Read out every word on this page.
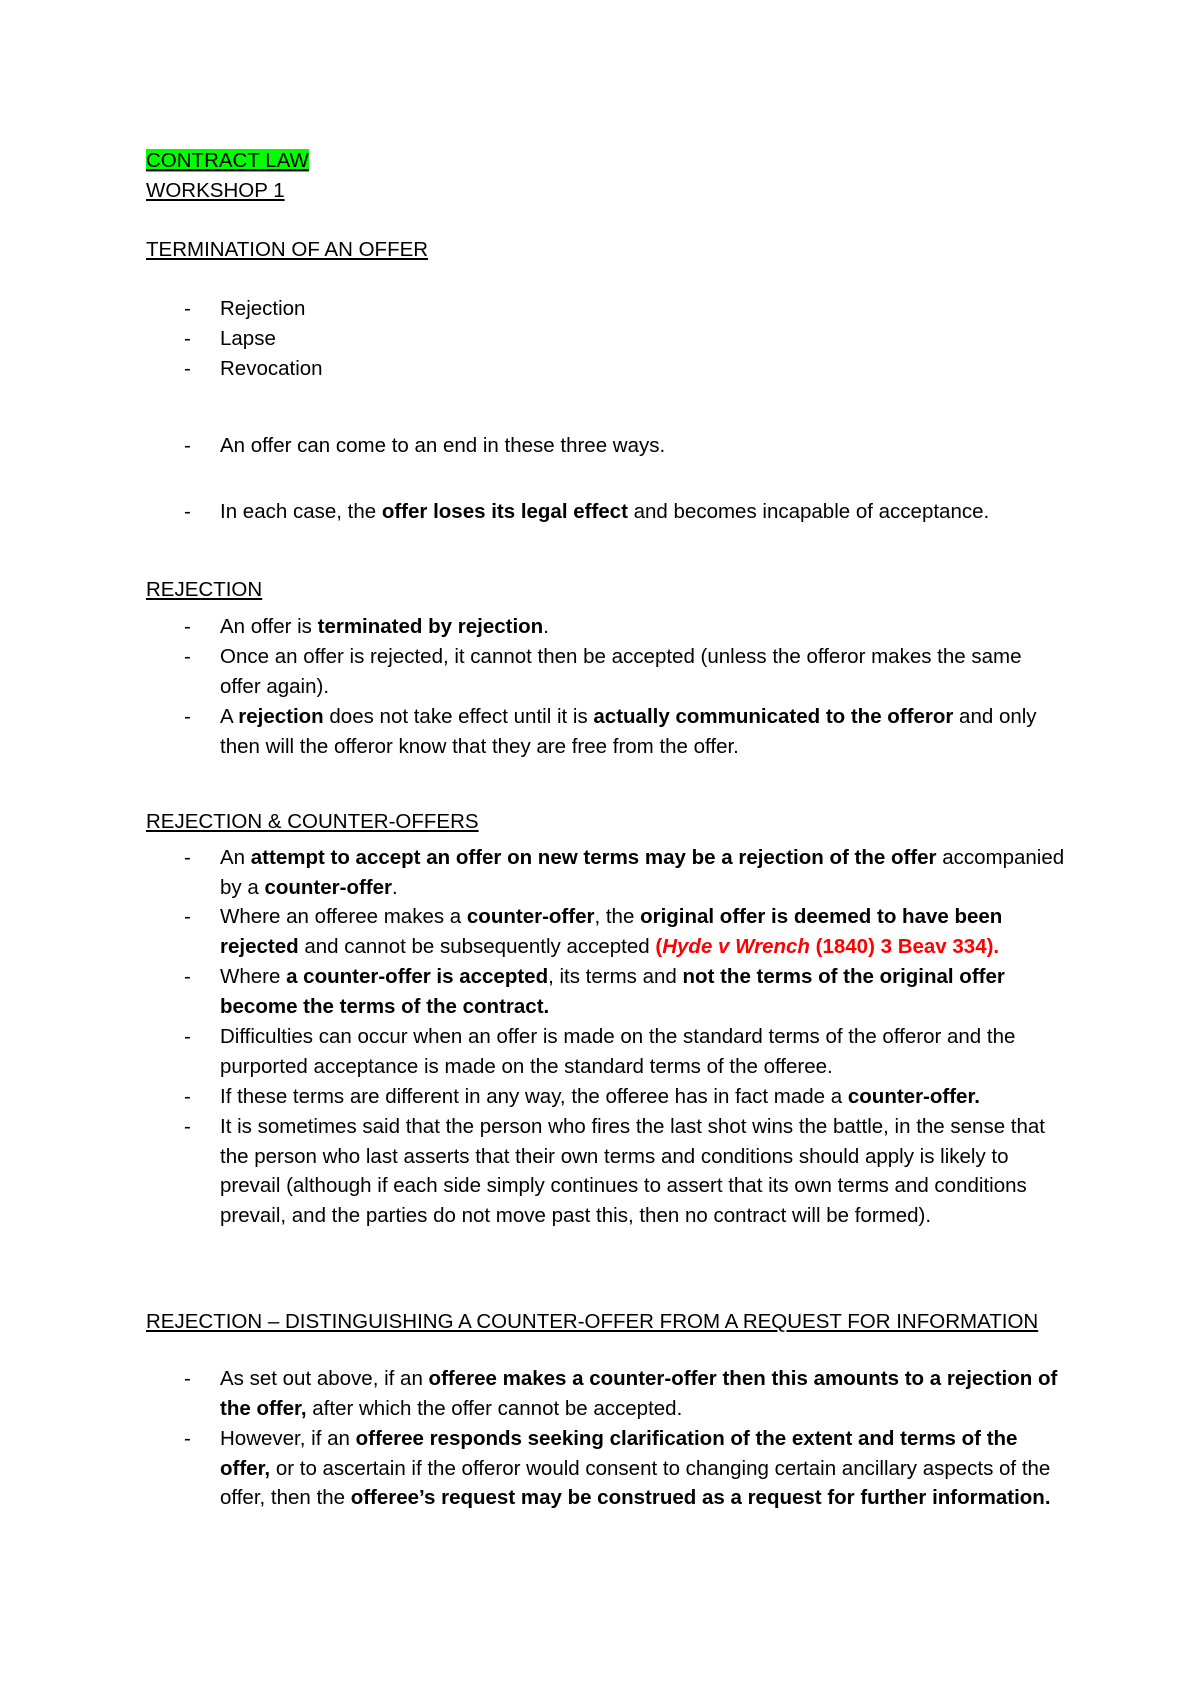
CONTRACT LAW
WORKSHOP 1
TERMINATION OF AN OFFER
-	Rejection
-	Lapse
-	Revocation
-	An offer can come to an end in these three ways.
-	In each case, the offer loses its legal effect and becomes incapable of acceptance.
REJECTION
-	An offer is terminated by rejection.
-	Once an offer is rejected, it cannot then be accepted (unless the offeror makes the same offer again).
-	A rejection does not take effect until it is actually communicated to the offeror and only then will the offeror know that they are free from the offer.
REJECTION & COUNTER-OFFERS
-	An attempt to accept an offer on new terms may be a rejection of the offer accompanied by a counter-offer.
-	Where an offeree makes a counter-offer, the original offer is deemed to have been rejected and cannot be subsequently accepted (Hyde v Wrench (1840) 3 Beav 334).
-	Where a counter-offer is accepted, its terms and not the terms of the original offer become the terms of the contract.
-	Difficulties can occur when an offer is made on the standard terms of the offeror and the purported acceptance is made on the standard terms of the offeree.
-	If these terms are different in any way, the offeree has in fact made a counter-offer.
-	It is sometimes said that the person who fires the last shot wins the battle, in the sense that the person who last asserts that their own terms and conditions should apply is likely to prevail (although if each side simply continues to assert that its own terms and conditions prevail, and the parties do not move past this, then no contract will be formed).
REJECTION – DISTINGUISHING A COUNTER-OFFER FROM A REQUEST FOR INFORMATION
-	As set out above, if an offeree makes a counter-offer then this amounts to a rejection of the offer, after which the offer cannot be accepted.
-	However, if an offeree responds seeking clarification of the extent and terms of the offer, or to ascertain if the offeror would consent to changing certain ancillary aspects of the offer, then the offeree’s request may be construed as a request for further information.
